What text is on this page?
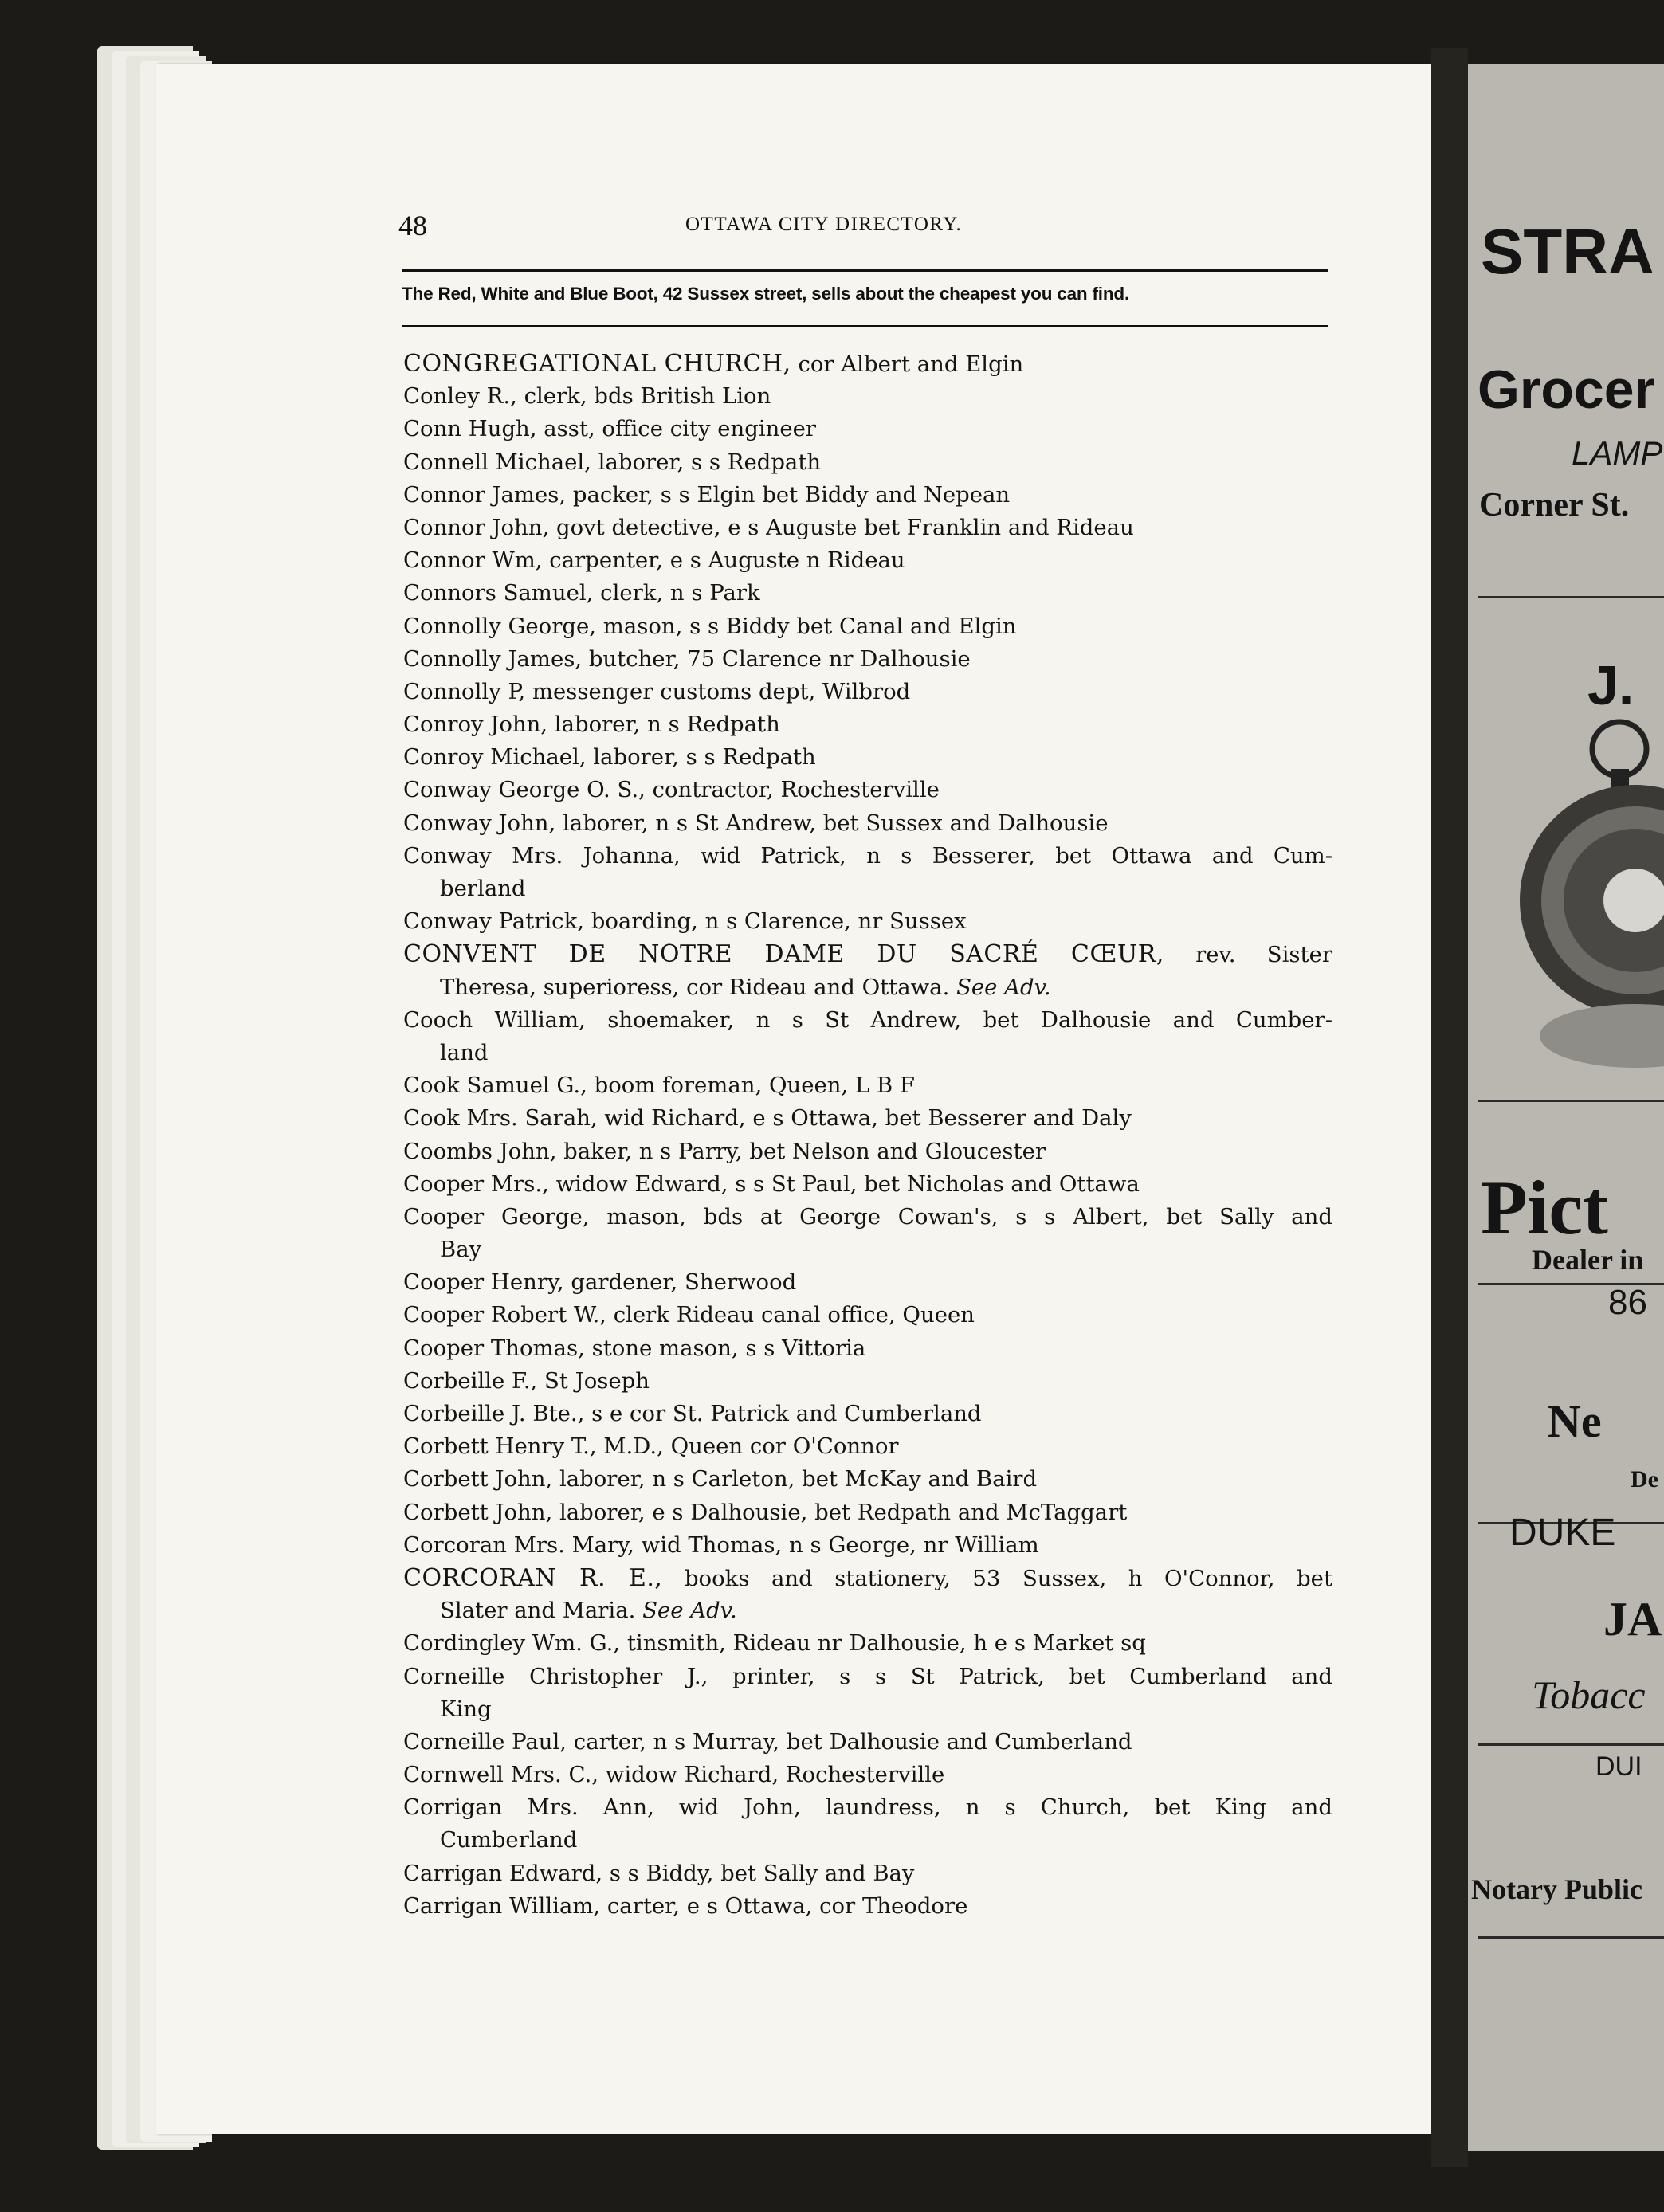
48	OTTAWA CITY DIRECTORY.
The Red, White and Blue Boot, 42 Sussex street, sells about the cheapest you can find.
CONGREGATIONAL CHURCH, cor Albert and Elgin
Conley R., clerk, bds British Lion
Conn Hugh, asst, office city engineer
Connell Michael, laborer, s s Redpath
Connor James, packer, s s Elgin bet Biddy and Nepean
Connor John, govt detective, e s Auguste bet Franklin and Rideau
Connor Wm, carpenter, e s Auguste n Rideau
Connors Samuel, clerk, n s Park
Connolly George, mason, s s Biddy bet Canal and Elgin
Connolly James, butcher, 75 Clarence nr Dalhousie
Connolly P, messenger customs dept, Wilbrod
Conroy John, laborer, n s Redpath
Conroy Michael, laborer, s s Redpath
Conway George O. S., contractor, Rochesterville
Conway John, laborer, n s St Andrew, bet Sussex and Dalhousie
Conway Mrs. Johanna, wid Patrick, n s Besserer, bet Ottawa and Cum-
berland
Conway Patrick, boarding, n s Clarence, nr Sussex
CONVENT DE NOTRE DAME DU SACRÉ CŒUR, rev. Sister
Theresa, superioress, cor Rideau and Ottawa. See Adv.
Cooch William, shoemaker, n s St Andrew, bet Dalhousie and Cumber-
land
Cook Samuel G., boom foreman, Queen, L B F
Cook Mrs. Sarah, wid Richard, e s Ottawa, bet Besserer and Daly
Coombs John, baker, n s Parry, bet Nelson and Gloucester
Cooper Mrs., widow Edward, s s St Paul, bet Nicholas and Ottawa
Cooper George, mason, bds at George Cowan's, s s Albert, bet Sally and
Bay
Cooper Henry, gardener, Sherwood
Cooper Robert W., clerk Rideau canal office, Queen
Cooper Thomas, stone mason, s s Vittoria
Corbeille F., St Joseph
Corbeille J. Bte., s e cor St. Patrick and Cumberland
Corbett Henry T., M.D., Queen cor O'Connor
Corbett John, laborer, n s Carleton, bet McKay and Baird
Corbett John, laborer, e s Dalhousie, bet Redpath and McTaggart
Corcoran Mrs. Mary, wid Thomas, n s George, nr William
CORCORAN R. E., books and stationery, 53 Sussex, h O'Connor, bet
Slater and Maria. See Adv.
Cordingley Wm. G., tinsmith, Rideau nr Dalhousie, h e s Market sq
Corneille Christopher J., printer, s s St Patrick, bet Cumberland and
King
Corneille Paul, carter, n s Murray, bet Dalhousie and Cumberland
Cornwell Mrs. C., widow Richard, Rochesterville
Corrigan Mrs. Ann, wid John, laundress, n s Church, bet King and
Cumberland
Carrigan Edward, s s Biddy, bet Sally and Bay
Carrigan William, carter, e s Ottawa, cor Theodore
STRA
Grocer
LAMP
Corner St.
J.
Pict
Dealer in
86
Ne
De
DUKE
JA
Tobacc
DUI
Notary Public
